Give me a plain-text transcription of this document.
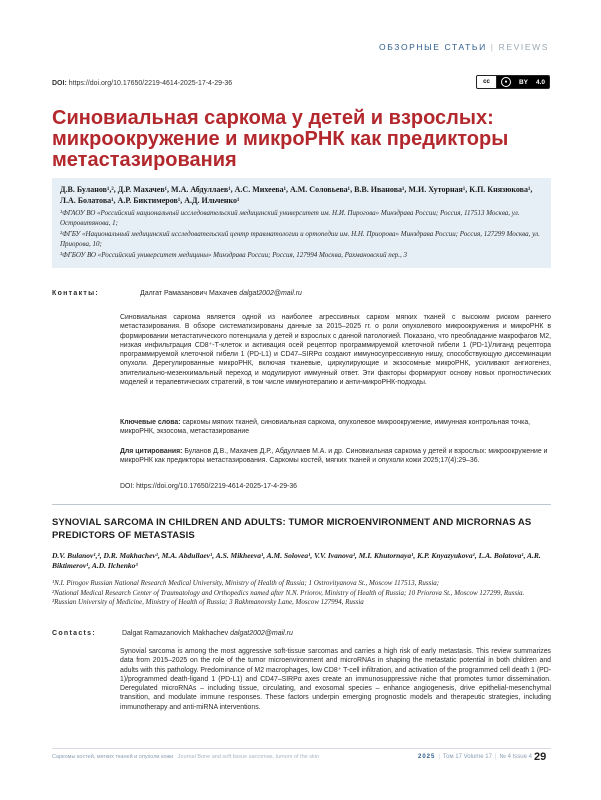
ОБЗОРНЫЕ СТАТЬИ | REVIEWS
DOI: https://doi.org/10.17650/2219-4614-2025-17-4-29-36	cc	●	BY 4.0
Синовиальная саркома у детей и взрослых: микроокружение и микроРНК как предикторы метастазирования
Д.В. Буланов¹,², Д.Р. Махачев¹, М.А. Абдуллаев¹, А.С. Михеева¹, А.М. Соловьева¹, В.В. Иванова¹, М.И. Хуторная¹, К.П. Князюкова¹, Л.А. Болатова¹, А.Р. Биктимеров¹, А.Д. Ильченко¹
¹ФГАОУ ВО «Российский национальный исследовательский медицинский университет им. Н.И. Пирогова» Минздрава России; Россия, 117513 Москва, ул. Островитянова, 1;
²ФГБУ «Национальный медицинский исследовательский центр травматологии и ортопедии им. Н.Н. Приорова» Минздрава России; Россия, 127299 Москва, ул. Приорова, 10;
³ФГБОУ ВО «Российский университет медицины» Минздрава России; Россия, 127994 Москва, Рахмановский пер., 3
Контакты:	Далгат Рамазанович Махачев dalgat2002@mail.ru

Синовиальная саркома является одной из наиболее агрессивных сарком мягких тканей с высоким риском раннего метастазирования. В обзоре систематизированы данные за 2015–2025 гг. о роли опухолевого микроокружения и микроРНК в формировании метастатического потенциала у детей и взрослых с данной патологией. Показано, что преобладание макрофагов М2, низкая инфильтрация CD8⁺-Т-клеток и активация осей рецептор программируемой клеточной гибели 1 (PD-1)/лиганд рецептора программируемой клеточной гибели 1 (PD-L1) и CD47–SIRPα создают иммуносупрессивную нишу, способствующую диссеминации опухоли. Дерегулированные микроРНК, включая тканевые, циркулирующие и экзосомные микроРНК, усиливают ангиогенез, эпителиально-мезенхимальный переход и модулируют иммунный ответ. Эти факторы формируют основу новых прогностических моделей и терапевтических стратегий, в том числе иммунотерапию и анти-микроРНК-подходы.

Ключевые слова: саркомы мягких тканей, синовиальная саркома, опухолевое микроокружение, иммунная контрольная точка, микроРНК, экзосома, метастазирование

Для цитирования: Буланов Д.В., Махачев Д.Р., Абдуллаев М.А. и др. Синовиальная саркома у детей и взрослых: микроокружение и микроРНК как предикторы метастазирования. Саркомы костей, мягких тканей и опухоли кожи 2025;17(4):29–36.

DOI: https://doi.org/10.17650/2219-4614-2025-17-4-29-36
SYNOVIAL SARCOMA IN CHILDREN AND ADULTS: TUMOR MICROENVIRONMENT AND MICRORNAS AS PREDICTORS OF METASTASIS
D.V. Bulanov¹,², D.R. Makhachev¹, M.A. Abdullaev¹, A.S. Mikheeva¹, A.M. Solovea¹, V.V. Ivanova¹, M.I. Khutornaya¹, K.P. Knyazyukova¹, L.A. Bolatova¹, A.R. Biktimerov¹, A.D. Ilchenko³
¹N.I. Pirogov Russian National Research Medical University, Ministry of Health of Russia; 1 Ostrovityanova St., Moscow 117513, Russia;
²National Medical Research Center of Traumatology and Orthopedics named after N.N. Priorov, Ministry of Health of Russia; 10 Priorova St., Moscow 127299, Russia.
³Russian University of Medicine, Ministry of Health of Russia; 3 Rakhmanovsky Lane, Moscow 127994, Russia
Contacts:	Dalgat Ramazanovich Makhachev dalgat2002@mail.ru

Synovial sarcoma is among the most aggressive soft-tissue sarcomas and carries a high risk of early metastasis. This review summarizes data from 2015–2025 on the role of the tumor microenvironment and microRNAs in shaping the metastatic potential in both children and adults with this pathology. Predominance of M2 macrophages, low CD8⁺ T-cell infiltration, and activation of the programmed cell death 1 (PD-1)/programmed death-ligand 1 (PD-L1) and CD47–SIRPα axes create an immunosuppressive niche that promotes tumor dissemination. Deregulated microRNAs – including tissue, circulating, and exosomal species – enhance angiogenesis, drive epithelial-mesenchymal transition, and modulate immune responses. These factors underpin emerging prognostic models and therapeutic strategies, including immunotherapy and anti-miRNA interventions.

Саркомы костей, мягких тканей и опухоли кожи Journal Bone and soft tissue sarcomas, tumors of the skin	2025 | Том 17 Volume 17 | № 4 Issue 4 29
